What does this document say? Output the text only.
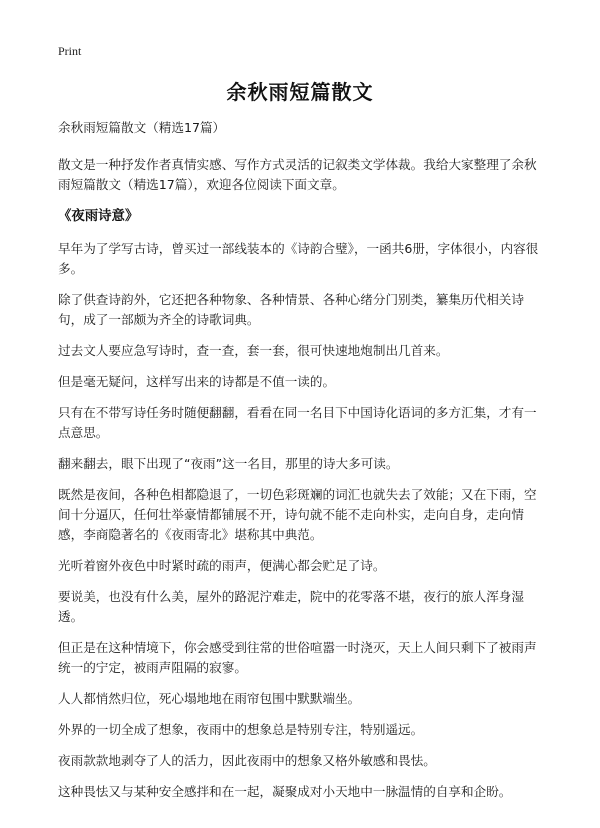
Print
余秋雨短篇散文
余秋雨短篇散文（精选17篇）
散文是一种抒发作者真情实感、写作方式灵活的记叙类文学体裁。我给大家整理了余秋雨短篇散文（精选17篇），欢迎各位阅读下面文章。
《夜雨诗意》
早年为了学写古诗，曾买过一部线装本的《诗韵合璧》，一函共6册，字体很小，内容很多。
除了供查诗韵外，它还把各种物象、各种情景、各种心绪分门别类，纂集历代相关诗句，成了一部颇为齐全的诗歌词典。
过去文人要应急写诗时，查一查，套一套，很可快速地炮制出几首来。
但是毫无疑问，这样写出来的诗都是不值一读的。
只有在不带写诗任务时随便翻翻，看看在同一名目下中国诗化语词的多方汇集，才有一点意思。
翻来翻去，眼下出现了“夜雨”这一名目，那里的诗大多可读。
既然是夜间，各种色相都隐退了，一切色彩斑斓的词汇也就失去了效能；又在下雨，空间十分逼仄，任何壮举豪情都铺展不开，诗句就不能不走向朴实，走向自身，走向情感，李商隐著名的《夜雨寄北》堪称其中典范。
光听着窗外夜色中时紧时疏的雨声，便满心都会贮足了诗。
要说美，也没有什么美，屋外的路泥泞难走，院中的花零落不堪，夜行的旅人浑身湿透。
但正是在这种情境下，你会感受到往常的世俗喧嚣一时浇灭，天上人间只剩下了被雨声统一的宁定，被雨声阻隔的寂寥。
人人都悄然归位，死心塌地地在雨帘包围中默默端坐。
外界的一切全成了想象，夜雨中的想象总是特别专注，特别遥远。
夜雨款款地剥夺了人的活力，因此夜雨中的想象又格外敏感和畏怯。
这种畏怯又与某种安全感拌和在一起，凝聚成对小天地中一脉温情的自享和企盼。
